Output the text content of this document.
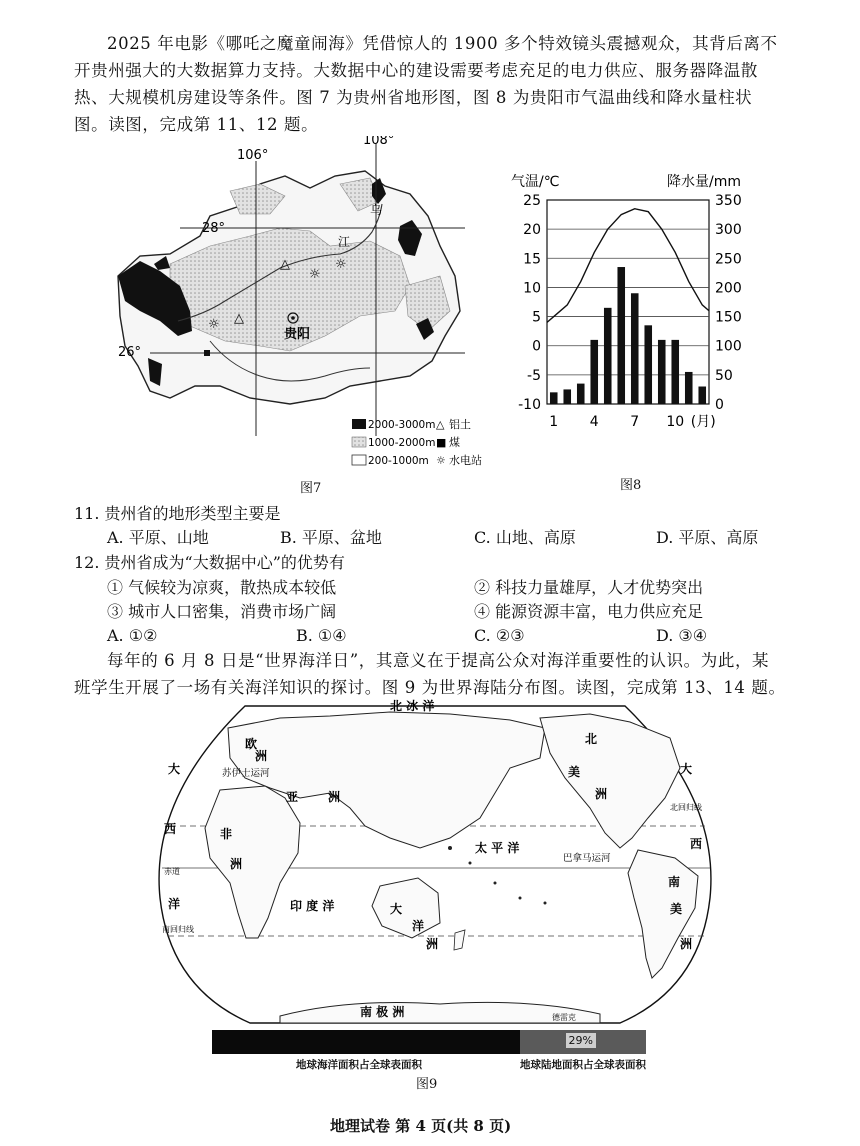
2025 年电影《哪吒之魔童闹海》凭借惊人的 1900 多个特效镜头震撼观众，其背后离不开贵州强大的大数据算力支持。大数据中心的建设需要考虑充足的电力供应、服务器降温散热、大规模机房建设等条件。图 7 为贵州省地形图，图 8 为贵阳市气温曲线和降水量柱状图。读图，完成第 11、12 题。
106°
108°
28°
26°
△
△
☼
☼
☼
贵阳
乌
江
2000-3000m △ 铝土
1000-2000m ■ 煤
200-1000m ☼ 水电站
图7
气温/℃	降水量/mm
-10
-5
0
5
10
15
20
25
0
50
100
150
200
250
300
350
1 4 7 10 (月)
图8
11. 贵州省的地形类型主要是
A. 平原、山地	B. 平原、盆地	C. 山地、高原	D. 平原、高原
12. 贵州省成为“大数据中心”的优势有
① 气候较为凉爽，散热成本较低	② 科技力量雄厚，人才优势突出
③ 城市人口密集，消费市场广阔	④ 能源资源丰富，电力供应充足
A. ①②	B. ①④	C. ②③	D. ③④
每年的 6 月 8 日是“世界海洋日”，其意义在于提高公众对海洋重要性的认识。为此，某班学生开展了一场有关海洋知识的探讨。图 9 为世界海陆分布图。读图，完成第 13、14 题。
北 冰 洋
欧
洲
亚 洲
非
洲
大
西
洋
大
西
太 平 洋
印 度 洋	大
洋
洲
北
美
洲
南
美
洲
南 极 洲
苏伊士运河
巴拿马运河
北回归线
南回归线
赤道
德雷克
29%
地球海洋面积占全球表面积	地球陆地面积占全球表面积
图9
地理试卷 第 4 页(共 8 页)
